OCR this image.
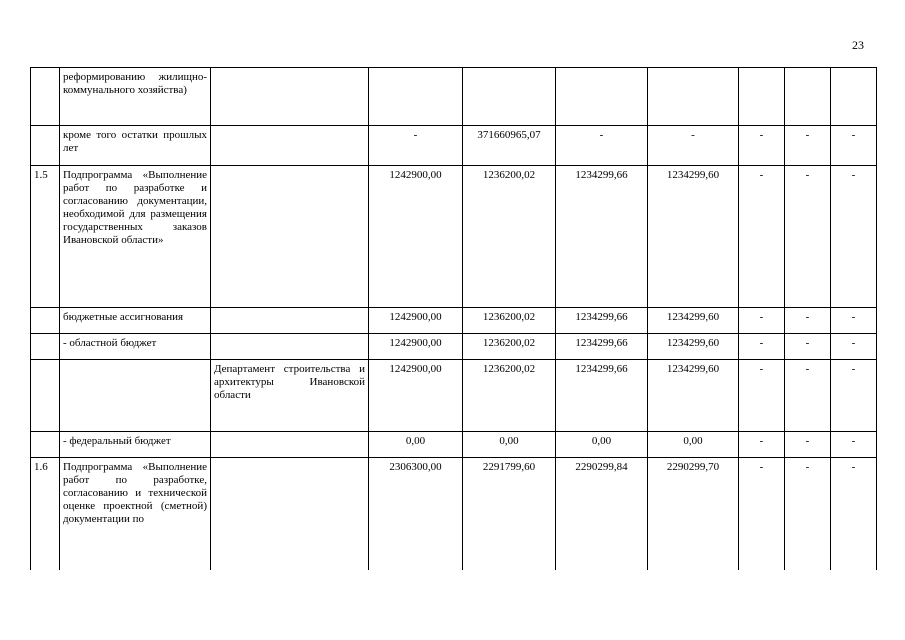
23
	реформированию жилищно-коммунального хозяйства)								
	кроме того остатки прошлых лет		-	371660965,07	-	-	-	-	-
1.5	Подпрограмма «Выполнение работ по разработке и согласованию документации, необходимой для размещения государственных заказов Ивановской области»		1242900,00	1236200,02	1234299,66	1234299,60	-	-	-
	бюджетные ассигнования		1242900,00	1236200,02	1234299,66	1234299,60	-	-	-
	- областной бюджет		1242900,00	1236200,02	1234299,66	1234299,60	-	-	-
		Департамент строительства и архитектуры Ивановской области	1242900,00	1236200,02	1234299,66	1234299,60	-	-	-
	- федеральный бюджет		0,00	0,00	0,00	0,00	-	-	-
1.6	Подпрограмма «Выполнение работ по разработке, согласованию и технической оценке проектной (сметной) документации по		2306300,00	2291799,60	2290299,84	2290299,70	-	-	-
